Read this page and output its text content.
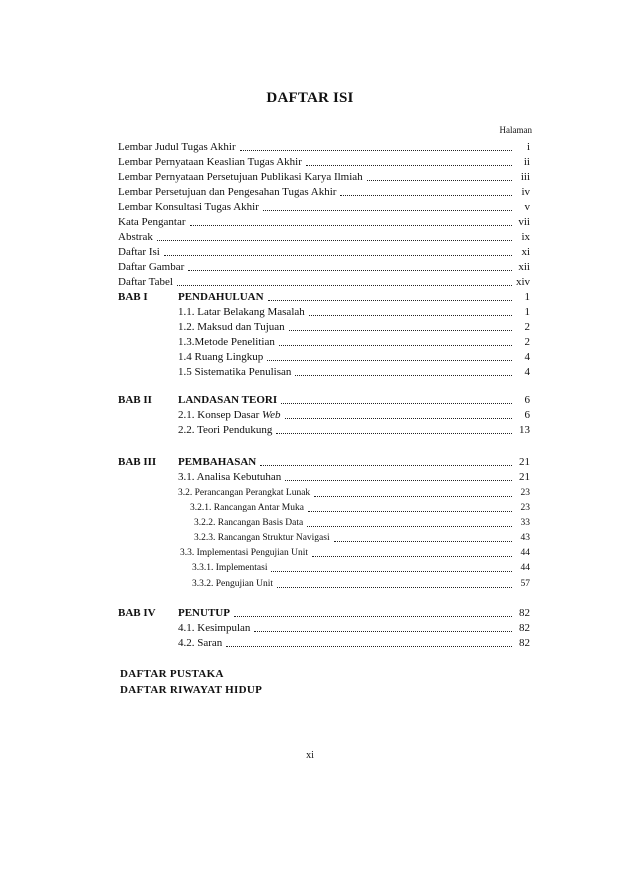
DAFTAR ISI
Halaman
Lembar Judul Tugas Akhir	i
Lembar Pernyataan Keaslian Tugas Akhir	ii
Lembar Pernyataan Persetujuan Publikasi Karya Ilmiah	iii
Lembar Persetujuan dan Pengesahan Tugas Akhir	iv
Lembar Konsultasi Tugas Akhir	v
Kata Pengantar	vii
Abstrak	ix
Daftar Isi	xi
Daftar Gambar	xii
Daftar Tabel	xiv
BAB I	PENDAHULUAN	1
1.1. Latar Belakang Masalah	1
1.2. Maksud dan Tujuan	2
1.3.Metode Penelitian	2
1.4 Ruang Lingkup	4
1.5 Sistematika Penulisan	4
BAB II	LANDASAN TEORI	6
2.1. Konsep Dasar Web	6
2.2. Teori Pendukung	13
BAB III	PEMBAHASAN	21
3.1. Analisa Kebutuhan	21
3.2. Perancangan Perangkat Lunak	23
3.2.1. Rancangan Antar Muka	23
3.2.2. Rancangan Basis Data	33
3.2.3. Rancangan Struktur Navigasi	43
3.3. Implementasi Pengujian Unit	44
3.3.1. Implementasi	44
3.3.2. Pengujian Unit	57
BAB IV	PENUTUP	82
4.1. Kesimpulan	82
4.2. Saran	82
DAFTAR PUSTAKA
DAFTAR RIWAYAT HIDUP
xi
